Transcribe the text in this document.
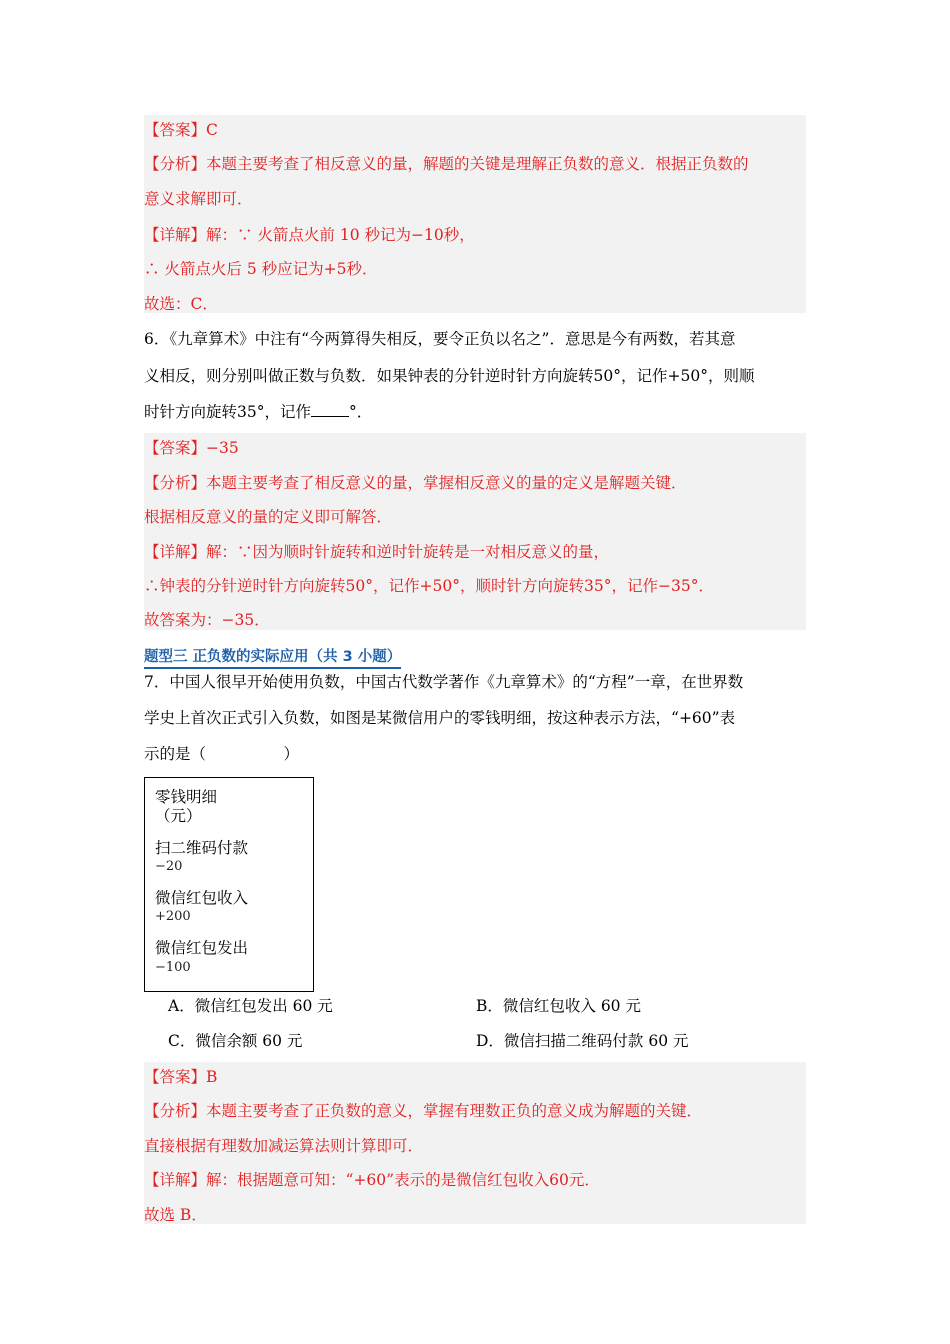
【答案】C
【分析】本题主要考查了相反意义的量，解题的关键是理解正负数的意义．根据正负数的
意义求解即可．
【详解】解：∵ 火箭点火前 10 秒记为−10秒，
∴ 火箭点火后 5 秒应记为+5秒．
故选：C．
6．《九章算术》中注有“今两算得失相反，要令正负以名之”．意思是今有两数，若其意
义相反，则分别叫做正数与负数．如果钟表的分针逆时针方向旋转50°，记作+50°，则顺
时针方向旋转35°，记作 °．
【答案】−35
【分析】本题主要考查了相反意义的量，掌握相反意义的量的定义是解题关键．
根据相反意义的量的定义即可解答．
【详解】解：∵因为顺时针旋转和逆时针旋转是一对相反意义的量，
∴钟表的分针逆时针方向旋转50°，记作+50°，顺时针方向旋转35°，记作−35°．
故答案为：−35．
题型三 正负数的实际应用（共 3 小题）
7．中国人很早开始使用负数，中国古代数学著作《九章算术》的“方程”一章，在世界数
学史上首次正式引入负数，如图是某微信用户的零钱明细，按这种表示方法，“+60”表
示的是（　　　　　）
零钱明细
（元）
扫二维码付款
−20
微信红包收入
+200
微信红包发出
−100
A．微信红包发出 60 元	B．微信红包收入 60 元
C．微信余额 60 元	D．微信扫描二维码付款 60 元
【答案】B
【分析】本题主要考查了正负数的意义，掌握有理数正负的意义成为解题的关键．
直接根据有理数加减运算法则计算即可．
【详解】解：根据题意可知：“+60”表示的是微信红包收入60元．
故选 B．
